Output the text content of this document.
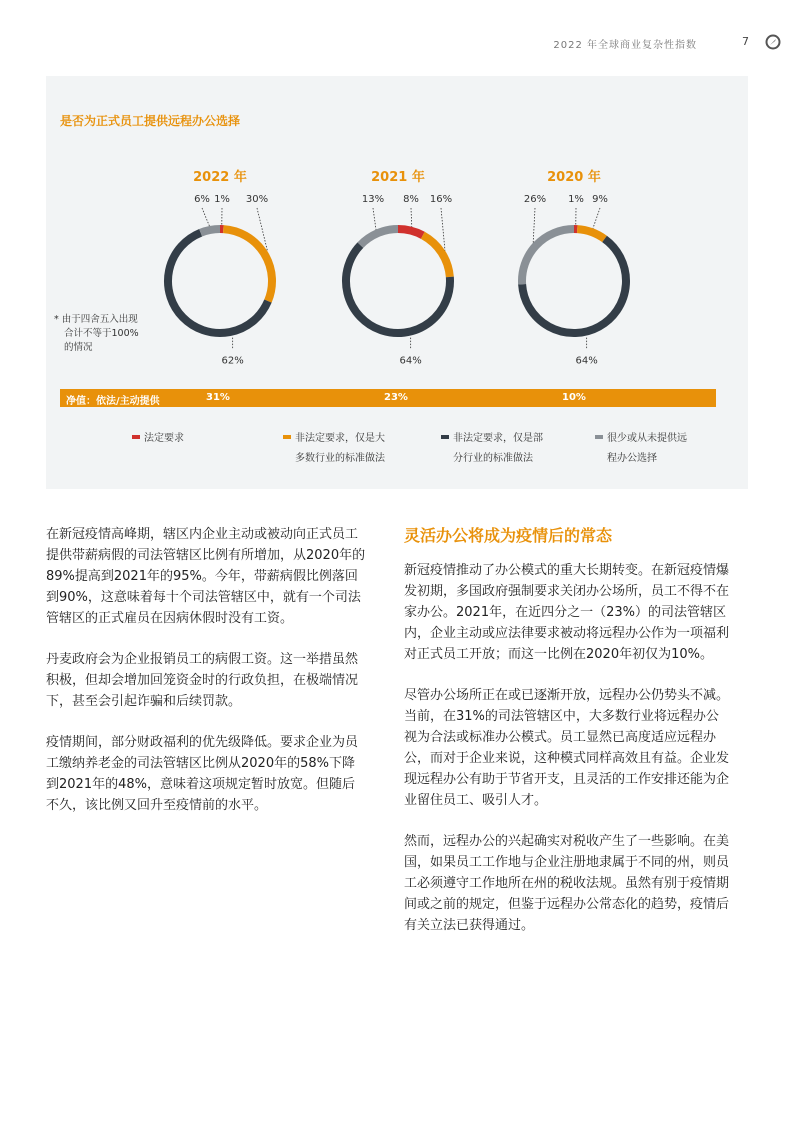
2022 年全球商业复杂性指数	7
是否为正式员工提供远程办公选择
2022 年
1% 30%
62%
6%
2021 年
8% 16%
64%
13%
2020 年
1% 9%
64%
26%
* 由于四舍五入出现
合计不等于100%
的情况
净值：依法/主动提供	31%	23%	10%
法定要求	非法定要求，仅是大
多数行业的标准做法
非法定要求，仅是部
分行业的标准做法
很少或从未提供远
程办公选择

在新冠疫情高峰期，辖区内企业主动或被动向正式员工提供带薪病假的司法管辖区比例有所增加，从2020年的89%提高到2021年的95%。今年，带薪病假比例落回到90%，这意味着每十个司法管辖区中，就有一个司法管辖区的正式雇员在因病休假时没有工资。

丹麦政府会为企业报销员工的病假工资。这一举措虽然积极，但却会增加回笼资金时的行政负担，在极端情况下，甚至会引起诈骗和后续罚款。

疫情期间，部分财政福利的优先级降低。要求企业为员工缴纳养老金的司法管辖区比例从2020年的58%下降到2021年的48%，意味着这项规定暂时放宽。但随后不久，该比例又回升至疫情前的水平。

灵活办公将成为疫情后的常态

新冠疫情推动了办公模式的重大长期转变。在新冠疫情爆发初期，多国政府强制要求关闭办公场所，员工不得不在家办公。2021年，在近四分之一（23%）的司法管辖区内，企业主动或应法律要求被动将远程办公作为一项福利对正式员工开放；而这一比例在2020年初仅为10%。

尽管办公场所正在或已逐渐开放，远程办公仍势头不减。当前，在31%的司法管辖区中，大多数行业将远程办公视为合法或标准办公模式。员工显然已高度适应远程办公，而对于企业来说，这种模式同样高效且有益。企业发现远程办公有助于节省开支，且灵活的工作安排还能为企业留住员工、吸引人才。

然而，远程办公的兴起确实对税收产生了一些影响。在美国，如果员工工作地与企业注册地隶属于不同的州，则员工必须遵守工作地所在州的税收法规。虽然有别于疫情期间或之前的规定，但鉴于远程办公常态化的趋势，疫情后有关立法已获得通过。
